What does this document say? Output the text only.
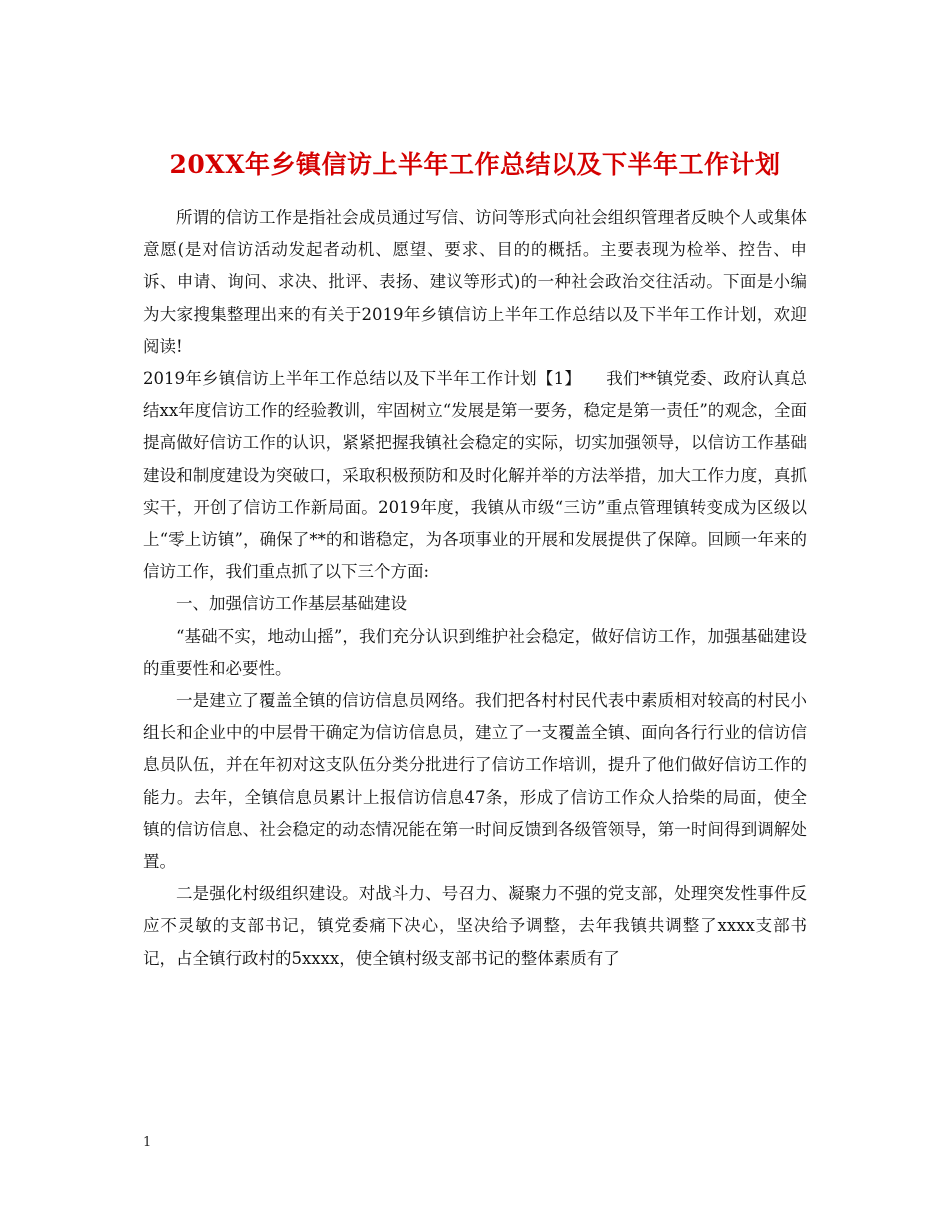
20XX年乡镇信访上半年工作总结以及下半年工作计划

所谓的信访工作是指社会成员通过写信、访问等形式向社会组织管理者反映个人或集体意愿(是对信访活动发起者动机、愿望、要求、目的的概括。主要表现为检举、控告、申诉、申请、询问、求决、批评、表扬、建议等形式)的一种社会政治交往活动。下面是小编为大家搜集整理出来的有关于2019年乡镇信访上半年工作总结以及下半年工作计划，欢迎阅读!

2019年乡镇信访上半年工作总结以及下半年工作计划【1】　　我们**镇党委、政府认真总结xx年度信访工作的经验教训，牢固树立“发展是第一要务，稳定是第一责任”的观念，全面提高做好信访工作的认识，紧紧把握我镇社会稳定的实际，切实加强领导，以信访工作基础建设和制度建设为突破口，采取积极预防和及时化解并举的方法举措，加大工作力度，真抓实干，开创了信访工作新局面。2019年度，我镇从市级“三访”重点管理镇转变成为区级以上“零上访镇”，确保了**的和谐稳定，为各项事业的开展和发展提供了保障。回顾一年来的信访工作，我们重点抓了以下三个方面:

一、加强信访工作基层基础建设

“基础不实，地动山摇”，我们充分认识到维护社会稳定，做好信访工作，加强基础建设的重要性和必要性。

一是建立了覆盖全镇的信访信息员网络。我们把各村村民代表中素质相对较高的村民小组长和企业中的中层骨干确定为信访信息员，建立了一支覆盖全镇、面向各行行业的信访信息员队伍，并在年初对这支队伍分类分批进行了信访工作培训，提升了他们做好信访工作的能力。去年，全镇信息员累计上报信访信息47条，形成了信访工作众人拾柴的局面，使全镇的信访信息、社会稳定的动态情况能在第一时间反馈到各级管领导，第一时间得到调解处置。

二是强化村级组织建设。对战斗力、号召力、凝聚力不强的党支部，处理突发性事件反应不灵敏的支部书记，镇党委痛下决心，坚决给予调整，去年我镇共调整了xxxx支部书记，占全镇行政村的5xxxx，使全镇村级支部书记的整体素质有了

1
